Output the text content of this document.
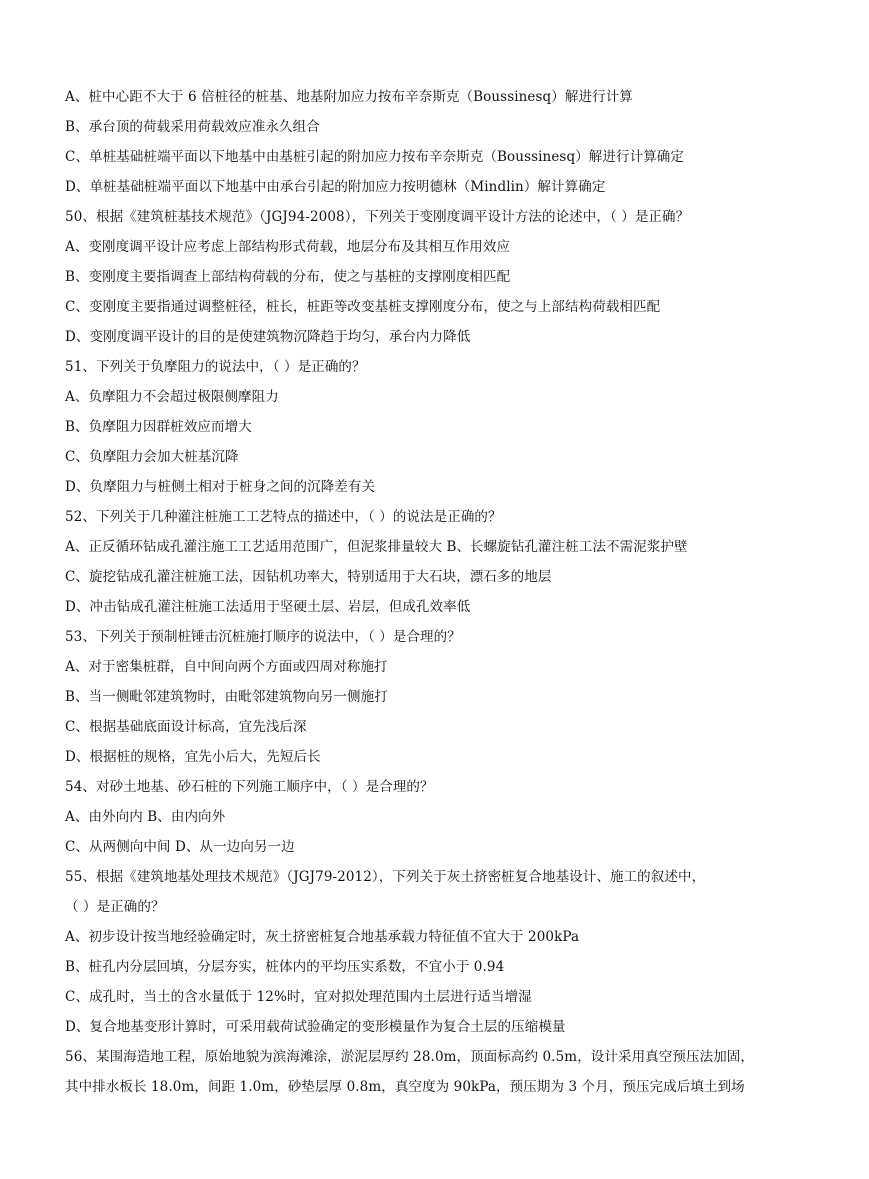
A、桩中心距不大于 6 倍桩径的桩基、地基附加应力按布辛奈斯克（Boussinesq）解进行计算
B、承台顶的荷载采用荷载效应准永久组合
C、单桩基础桩端平面以下地基中由基桩引起的附加应力按布辛奈斯克（Boussinesq）解进行计算确定
D、单桩基础桩端平面以下地基中由承台引起的附加应力按明德林（Mindlin）解计算确定
50、根据《建筑桩基技术规范》（JGJ94-2008），下列关于变刚度调平设计方法的论述中，（ ）是正确？
A、变刚度调平设计应考虑上部结构形式荷载，地层分布及其相互作用效应
B、变刚度主要指调查上部结构荷载的分布，使之与基桩的支撑刚度相匹配
C、变刚度主要指通过调整桩径，桩长，桩距等改变基桩支撑刚度分布，使之与上部结构荷载相匹配
D、变刚度调平设计的目的是使建筑物沉降趋于均匀，承台内力降低
51、下列关于负摩阻力的说法中，（ ）是正确的？
A、负摩阻力不会超过极限侧摩阻力
B、负摩阻力因群桩效应而增大
C、负摩阻力会加大桩基沉降
D、负摩阻力与桩侧土相对于桩身之间的沉降差有关
52、下列关于几种灌注桩施工工艺特点的描述中，（ ）的说法是正确的？
A、正反循环钻成孔灌注施工工艺适用范围广，但泥浆排量较大 B、长螺旋钻孔灌注桩工法不需泥浆护壁
C、旋挖钻成孔灌注桩施工法，因钻机功率大，特别适用于大石块，漂石多的地层
D、冲击钻成孔灌注桩施工法适用于坚硬土层、岩层，但成孔效率低
53、下列关于预制桩锤击沉桩施打顺序的说法中，（ ）是合理的？
A、对于密集桩群，自中间向两个方面或四周对称施打
B、当一侧毗邻建筑物时，由毗邻建筑物向另一侧施打
C、根据基础底面设计标高，宜先浅后深
D、根据桩的规格，宜先小后大，先短后长
54、对砂土地基、砂石桩的下列施工顺序中，（ ）是合理的？
A、由外向内 B、由内向外
C、从两侧向中间 D、从一边向另一边
55、根据《建筑地基处理技术规范》（JGJ79-2012），下列关于灰土挤密桩复合地基设计、施工的叙述中，
（ ）是正确的？
A、初步设计按当地经验确定时，灰土挤密桩复合地基承载力特征值不宜大于 200kPa
B、桩孔内分层回填，分层夯实，桩体内的平均压实系数，不宜小于 0.94
C、成孔时，当土的含水量低于 12%时，宜对拟处理范围内土层进行适当增湿
D、复合地基变形计算时，可采用载荷试验确定的变形模量作为复合土层的压缩模量
56、某围海造地工程，原始地貌为滨海滩涂，淤泥层厚约 28.0m，顶面标高约 0.5m，设计采用真空预压法加固，
其中排水板长 18.0m，间距 1.0m，砂垫层厚 0.8m，真空度为 90kPa，预压期为 3 个月，预压完成后填土到场
